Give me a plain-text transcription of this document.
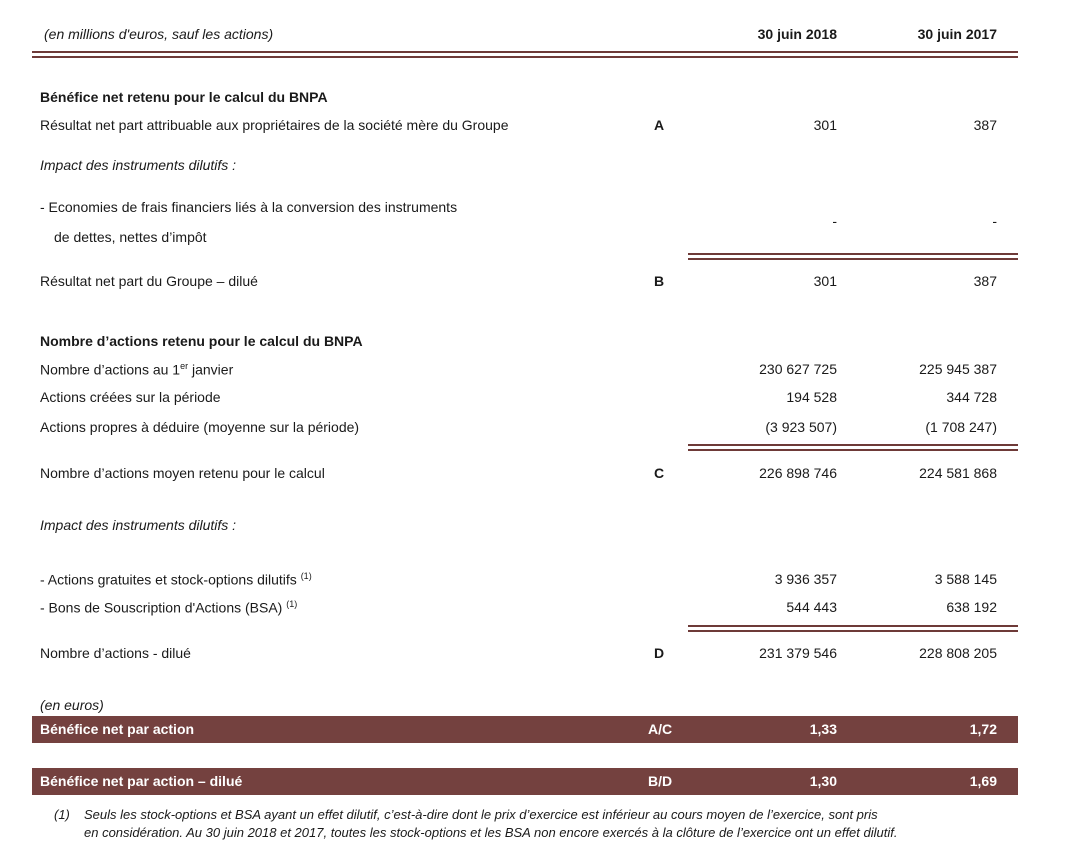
(en millions d'euros, sauf les actions)	30 juin 2018	30 juin 2017
Bénéfice net retenu pour le calcul du BNPA
Résultat net part attribuable aux propriétaires de la société mère du Groupe	A	301	387
Impact des instruments dilutifs :
- Economies de frais financiers liés à la conversion des instruments
de dettes, nettes d’impôt
-	-
Résultat net part du Groupe – dilué	B	301	387
Nombre d’actions retenu pour le calcul du BNPA
Nombre d’actions au 1er janvier	230 627 725	225 945 387
Actions créées sur la période	194 528	344 728
Actions propres à déduire (moyenne sur la période)	(3 923 507)	(1 708 247)
Nombre d’actions moyen retenu pour le calcul	C	226 898 746	224 581 868
Impact des instruments dilutifs :
- Actions gratuites et stock-options dilutifs $^{(1)}$	3 936 357	3 588 145
- Bons de Souscription d'Actions (BSA) $^{(1)}$	544 443	638 192
Nombre d’actions - dilué	D	231 379 546	228 808 205
(en euros)
Bénéfice net par action	A/C	1,33	1,72
Bénéfice net par action – dilué	B/D	1,30	1,69
(1) Seuls les stock-options et BSA ayant un effet dilutif, c’est-à-dire dont le prix d’exercice est inférieur au cours moyen de l’exercice, sont pris
en considération. Au 30 juin 2018 et 2017, toutes les stock-options et les BSA non encore exercés à la clôture de l’exercice ont un effet dilutif.
